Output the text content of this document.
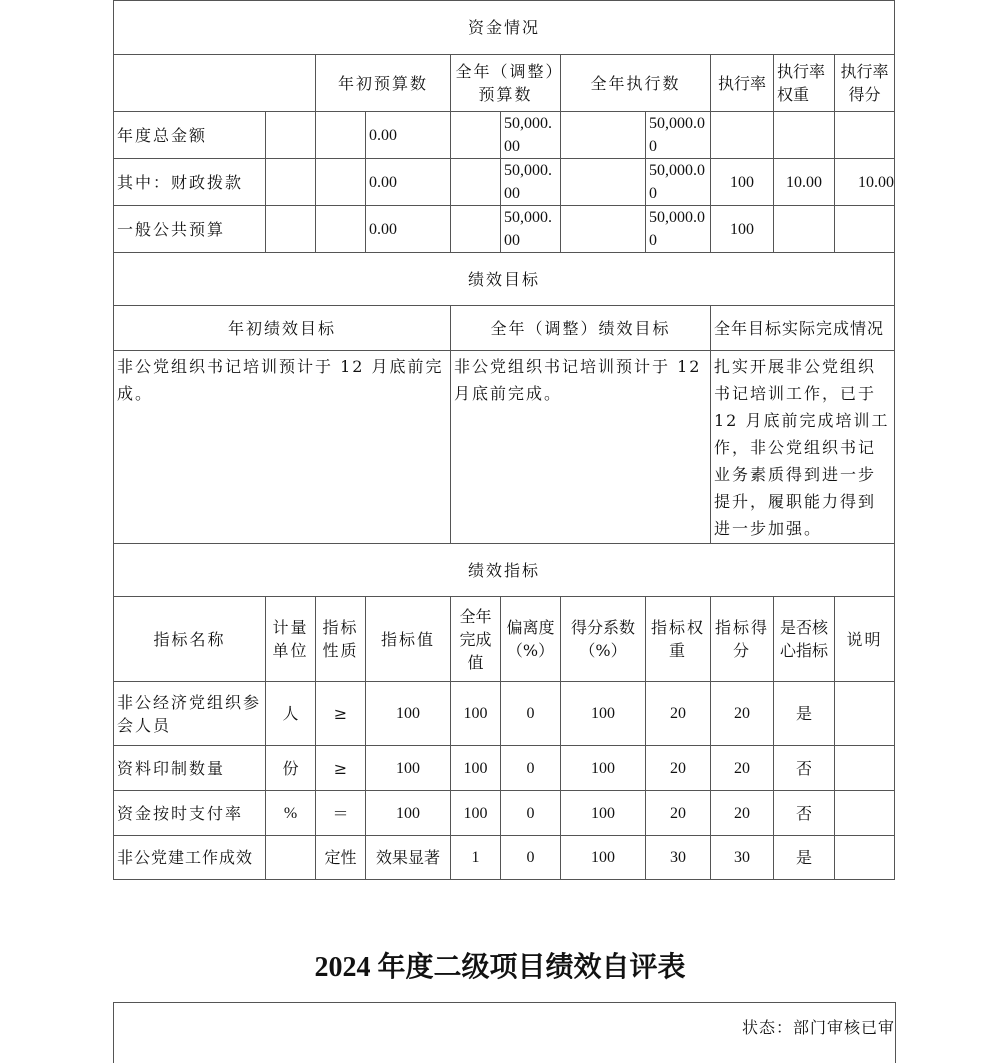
资金情况										
		年初预算数		全年（调整）预算数		全年执行数		执行率	执行率权重	执行率得分
年度总金额			0.00		50,000.00		50,000.00			
其中：财政拨款			0.00		50,000.00		50,000.00	100	10.00	10.00
一般公共预算			0.00		50,000.00		50,000.00	100		
绩效目标										
年初绩效目标				全年（调整）绩效目标				全年目标实际完成情况		
非公党组织书记培训预计于 12 月底前完成。				非公党组织书记培训预计于 12 月底前完成。				扎实开展非公党组织书记培训工作，已于 12 月底前完成培训工作，非公党组织书记业务素质得到进一步提升，履职能力得到进一步加强。		
绩效指标										
指标名称	计量单位	指标性质	指标值	全年完成值	偏离度（%）	得分系数（%）	指标权重	指标得分	是否核心指标	说明
非公经济党组织参会人员	人	≥	100	100	0	100	20	20	是	
资料印制数量	份	≥	100	100	0	100	20	20	否	
资金按时支付率	%	＝	100	100	0	100	20	20	否	
非公党建工作成效		定性	效果显著	1	0	100	30	30	是	
2024 年度二级项目绩效自评表
状态：部门审核已审
